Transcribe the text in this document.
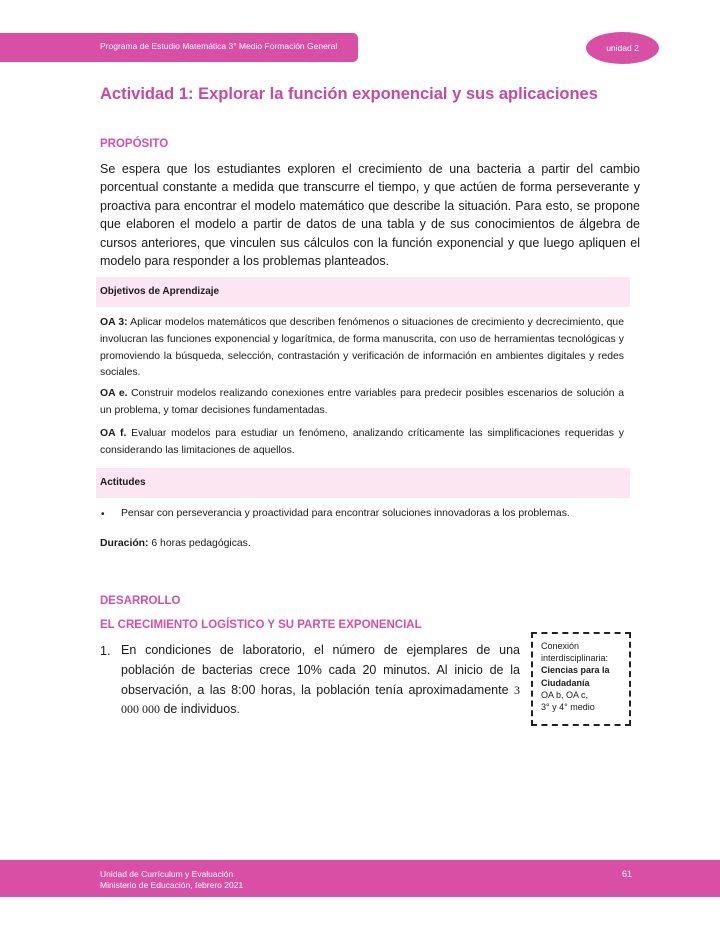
Programa de Estudio Matemática 3° Medio Formación General	unidad 2
Actividad 1: Explorar la función exponencial y sus aplicaciones
PROPÓSITO

Se espera que los estudiantes exploren el crecimiento de una bacteria a partir del cambio porcentual constante a medida que transcurre el tiempo, y que actúen de forma perseverante y proactiva para encontrar el modelo matemático que describe la situación. Para esto, se propone que elaboren el modelo a partir de datos de una tabla y de sus conocimientos de álgebra de cursos anteriores, que vinculen sus cálculos con la función exponencial y que luego apliquen el modelo para responder a los problemas planteados.

Objetivos de Aprendizaje

OA 3: Aplicar modelos matemáticos que describen fenómenos o situaciones de crecimiento y decrecimiento, que involucran las funciones exponencial y logarítmica, de forma manuscrita, con uso de herramientas tecnológicas y promoviendo la búsqueda, selección, contrastación y verificación de información en ambientes digitales y redes sociales.

OA e. Construir modelos realizando conexiones entre variables para predecir posibles escenarios de solución a un problema, y tomar decisiones fundamentadas.

OA f. Evaluar modelos para estudiar un fenómeno, analizando críticamente las simplificaciones requeridas y considerando las limitaciones de aquellos.

Actitudes
• Pensar con perseverancia y proactividad para encontrar soluciones innovadoras a los problemas.
Duración: 6 horas pedagógicas.
DESARROLLO
EL CRECIMIENTO LOGÍSTICO Y SU PARTE EXPONENCIAL
1. En condiciones de laboratorio, el número de ejemplares de una población de bacterias crece 10% cada 20 minutos. Al inicio de la observación, a las 8:00 horas, la población tenía aproximadamente 3 000 000 de individuos.

Conexión
interdisciplinaria:
Ciencias para la
Ciudadanía
OA b, OA c,
3° y 4° medio
Unidad de Currículum y Evaluación
Ministerio de Educación, febrero 2021
61
